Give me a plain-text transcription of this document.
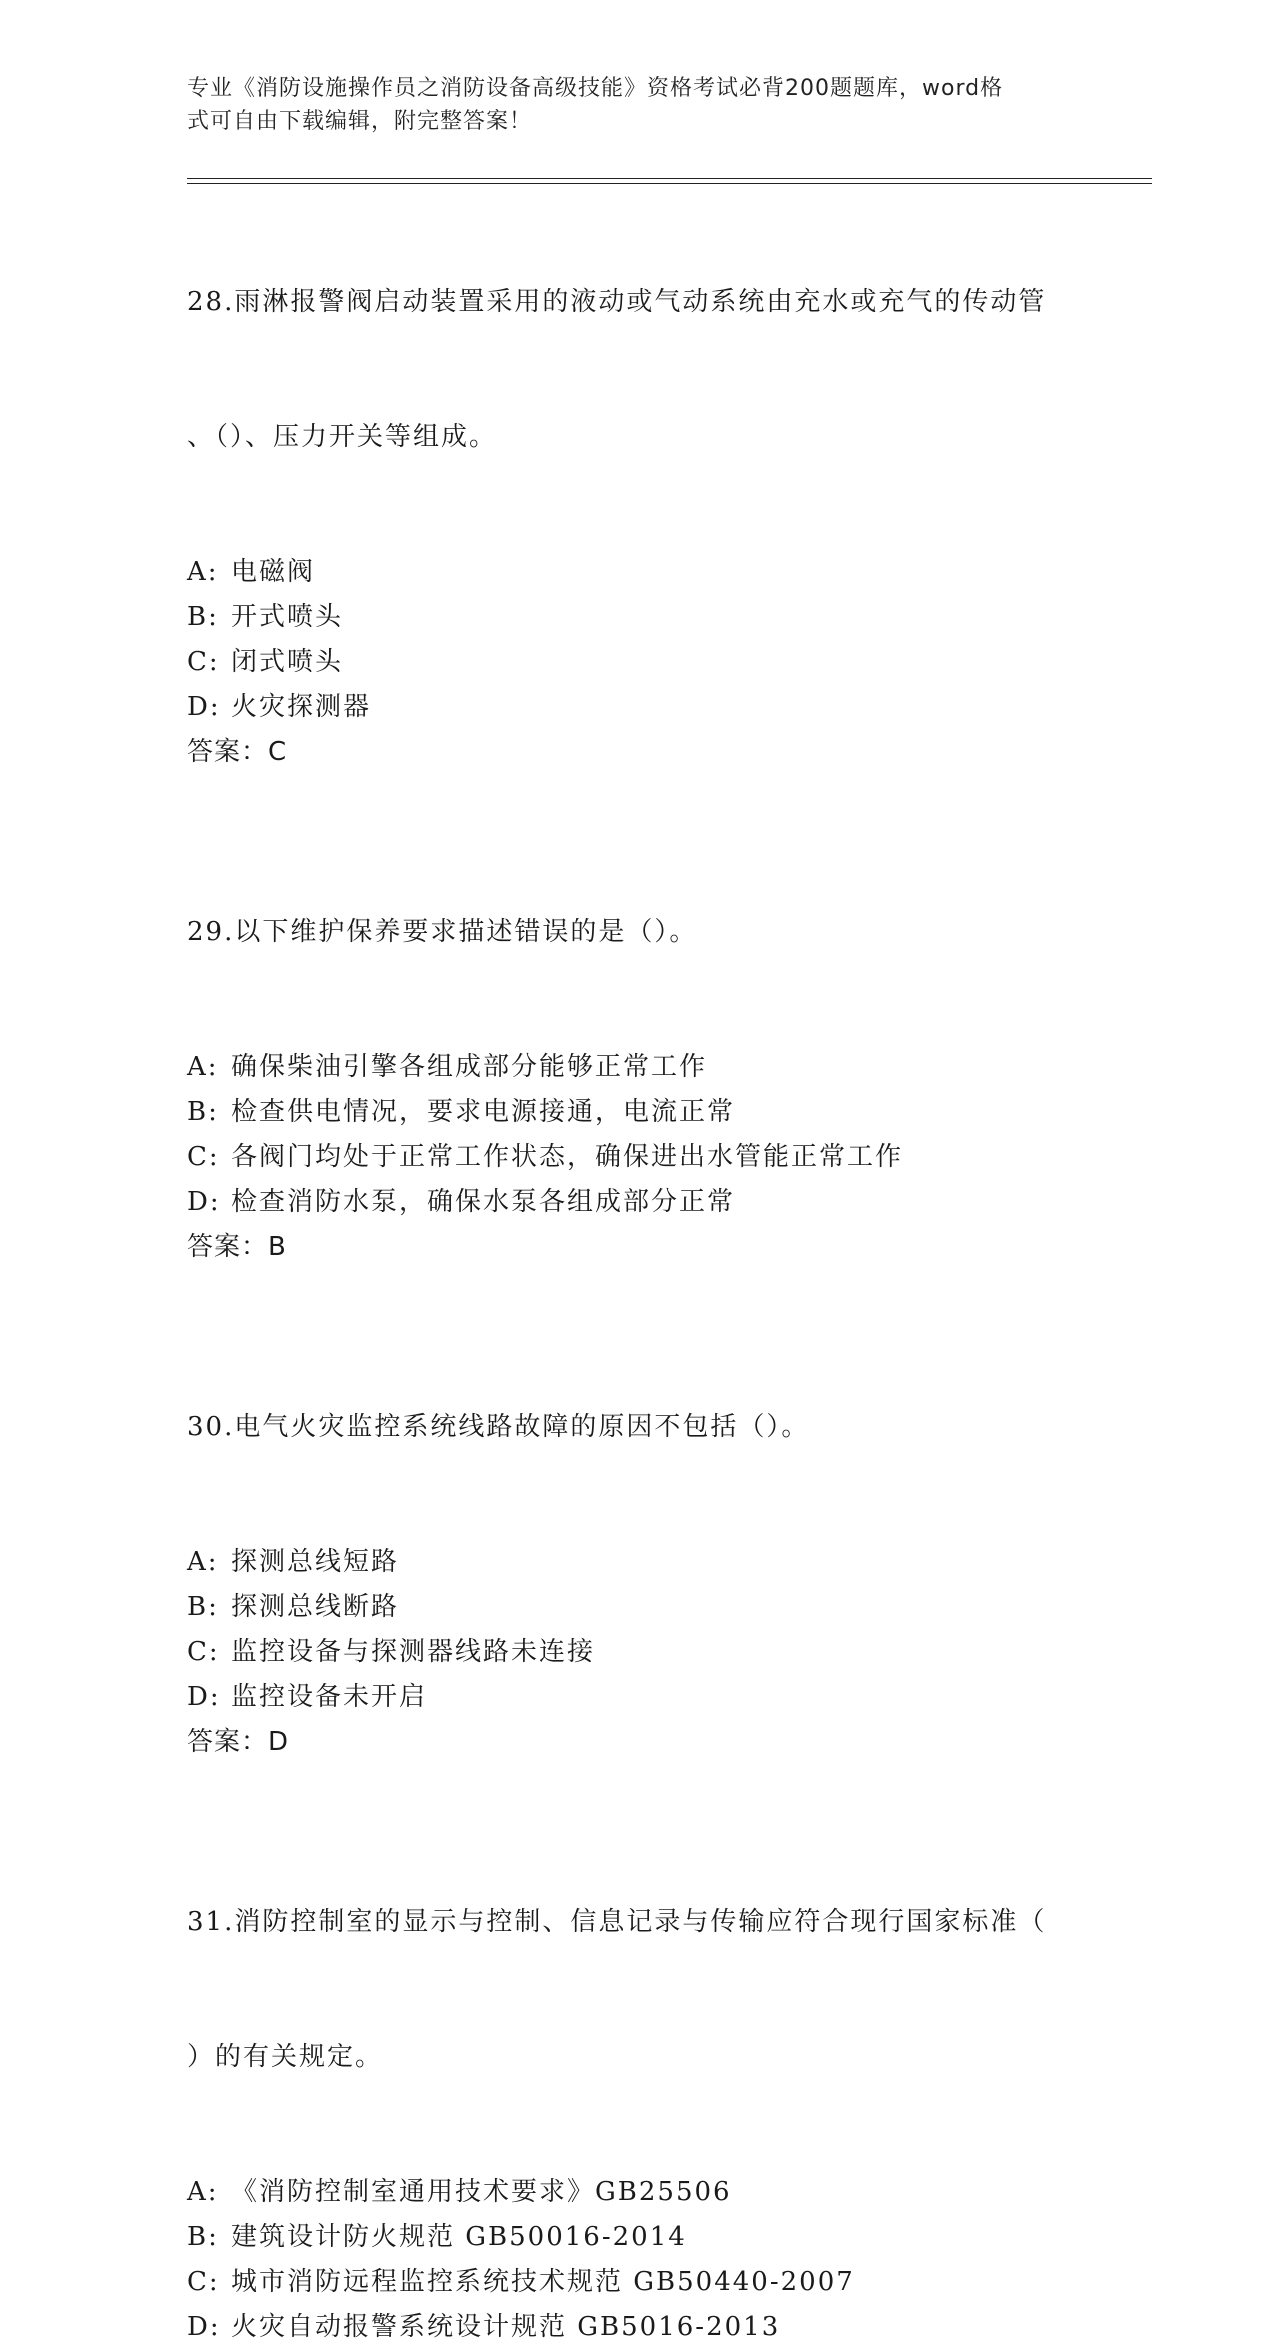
专业《消防设施操作员之消防设备高级技能》资格考试必背200题题库，word格
式可自由下载编辑，附完整答案！

28.雨淋报警阀启动装置采用的液动或气动系统由充水或充气的传动管

、（）、压力开关等组成。

A: 电磁阀
B: 开式喷头
C: 闭式喷头
D: 火灾探测器
答案：C

29.以下维护保养要求描述错误的是（）。

A: 确保柴油引擎各组成部分能够正常工作
B: 检查供电情况，要求电源接通，电流正常
C: 各阀门均处于正常工作状态，确保进出水管能正常工作
D: 检查消防水泵，确保水泵各组成部分正常
答案：B

30.电气火灾监控系统线路故障的原因不包括（）。

A: 探测总线短路
B: 探测总线断路
C: 监控设备与探测器线路未连接
D: 监控设备未开启
答案：D

31.消防控制室的显示与控制、信息记录与传输应符合现行国家标准（

）的有关规定。

A: 《消防控制室通用技术要求》GB25506
B: 建筑设计防火规范 GB50016-2014
C: 城市消防远程监控系统技术规范 GB50440-2007
D: 火灾自动报警系统设计规范 GB5016-2013
